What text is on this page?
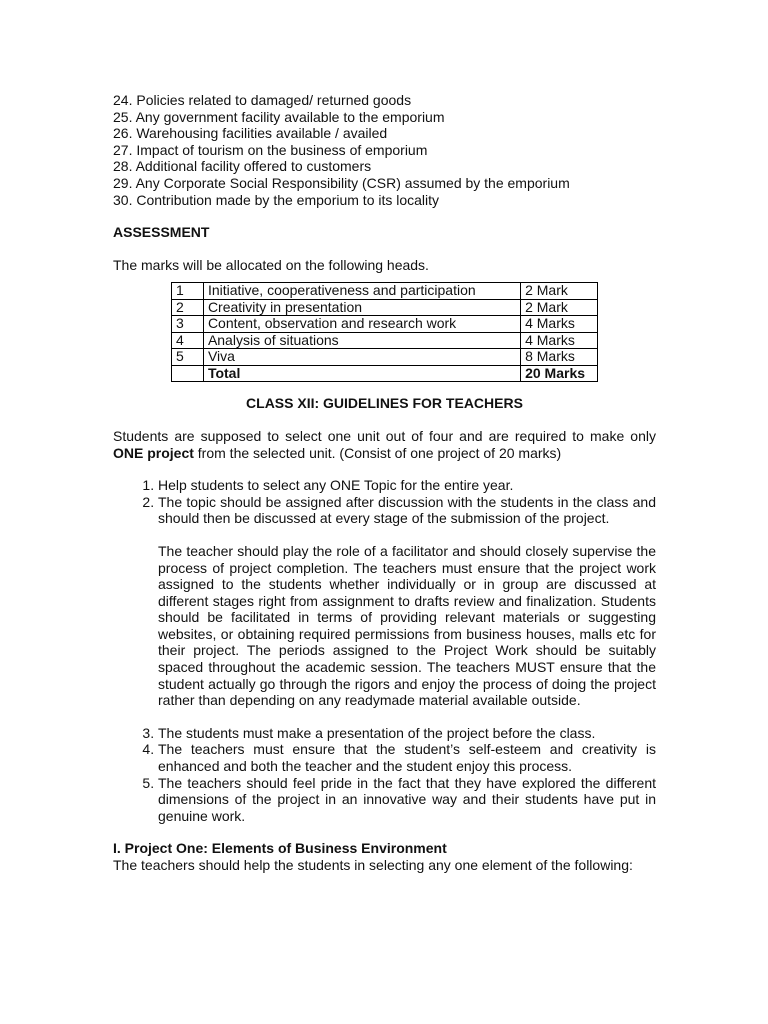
24. Policies related to damaged/ returned goods
25. Any government facility available to the emporium
26. Warehousing facilities available / availed
27. Impact of tourism on the business of emporium
28. Additional facility offered to customers
29. Any Corporate Social Responsibility (CSR) assumed by the emporium
30. Contribution made by the emporium to its locality

ASSESSMENT

The marks will be allocated on the following heads.

1	Initiative, cooperativeness and participation	2 Mark
2	Creativity in presentation	2 Mark
3	Content, observation and research work	4 Marks
4	Analysis of situations	4 Marks
5	Viva	8 Marks
	Total	20 Marks

CLASS XII: GUIDELINES FOR TEACHERS

Students are supposed to select one unit out of four and are required to make only ONE project from the selected unit. (Consist of one project of 20 marks)

1. Help students to select any ONE Topic for the entire year.
2. The topic should be assigned after discussion with the students in the class and should then be discussed at every stage of the submission of the project.

The teacher should play the role of a facilitator and should closely supervise the process of project completion. The teachers must ensure that the project work assigned to the students whether individually or in group are discussed at different stages right from assignment to drafts review and finalization. Students should be facilitated in terms of providing relevant materials or suggesting websites, or obtaining required permissions from business houses, malls etc for their project. The periods assigned to the Project Work should be suitably spaced throughout the academic session. The teachers MUST ensure that the student actually go through the rigors and enjoy the process of doing the project rather than depending on any readymade material available outside.

3. The students must make a presentation of the project before the class.
4. The teachers must ensure that the student’s self-esteem and creativity is enhanced and both the teacher and the student enjoy this process.
5. The teachers should feel pride in the fact that they have explored the different dimensions of the project in an innovative way and their students have put in genuine work.

I. Project One: Elements of Business Environment

The teachers should help the students in selecting any one element of the following:
